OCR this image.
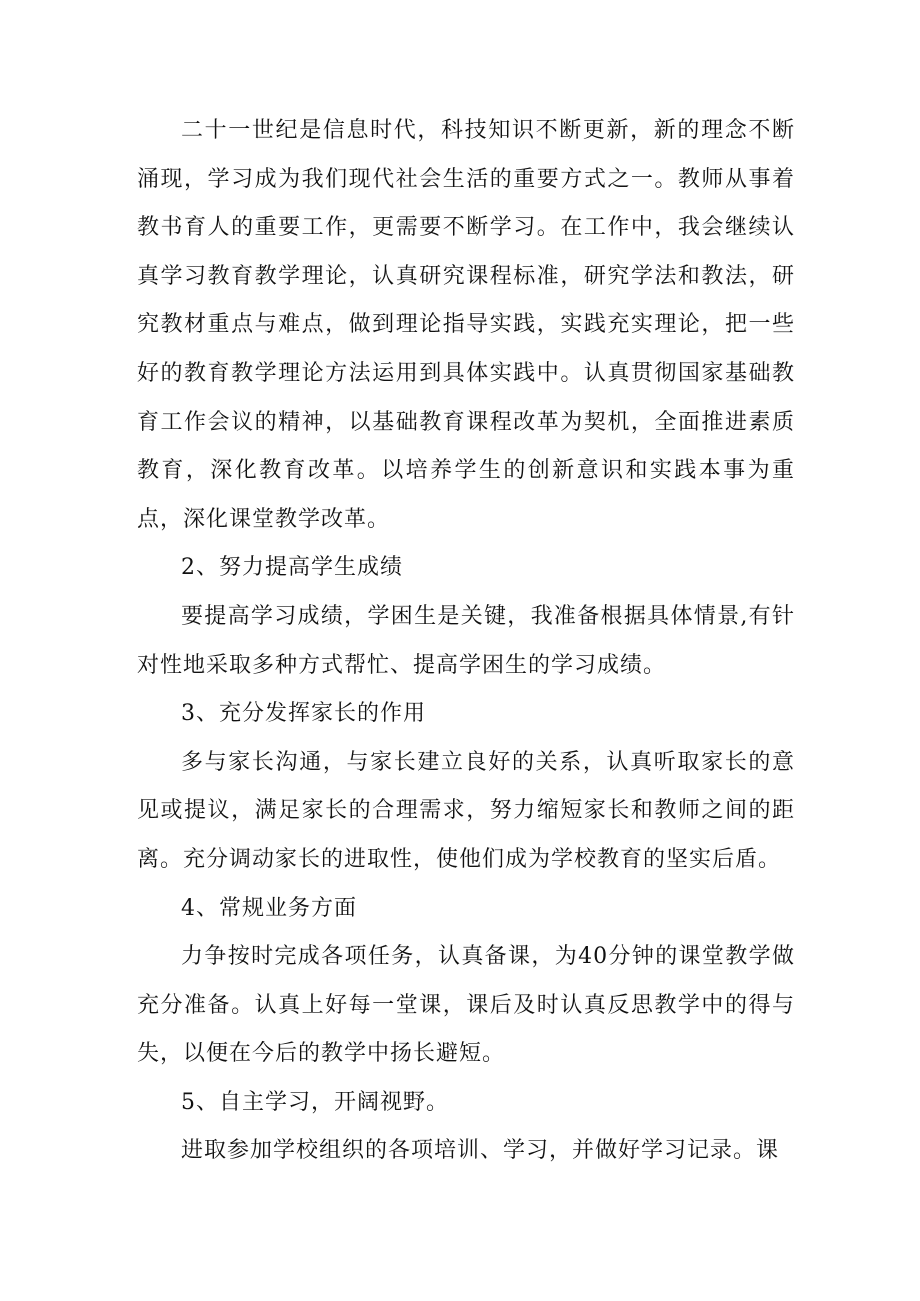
二十一世纪是信息时代，科技知识不断更新，新的理念不断涌现，学习成为我们现代社会生活的重要方式之一。教师从事着教书育人的重要工作，更需要不断学习。在工作中，我会继续认真学习教育教学理论，认真研究课程标准，研究学法和教法，研究教材重点与难点，做到理论指导实践，实践充实理论，把一些好的教育教学理论方法运用到具体实践中。认真贯彻国家基础教育工作会议的精神，以基础教育课程改革为契机，全面推进素质教育，深化教育改革。以培养学生的创新意识和实践本事为重点，深化课堂教学改革。

2、努力提高学生成绩

要提高学习成绩，学困生是关键，我准备根据具体情景,有针对性地采取多种方式帮忙、提高学困生的学习成绩。

3、充分发挥家长的作用

多与家长沟通，与家长建立良好的关系，认真听取家长的意见或提议，满足家长的合理需求，努力缩短家长和教师之间的距离。充分调动家长的进取性，使他们成为学校教育的坚实后盾。

4、常规业务方面

力争按时完成各项任务，认真备课，为40分钟的课堂教学做充分准备。认真上好每一堂课，课后及时认真反思教学中的得与失，以便在今后的教学中扬长避短。

5、自主学习，开阔视野。

进取参加学校组织的各项培训、学习，并做好学习记录。课
